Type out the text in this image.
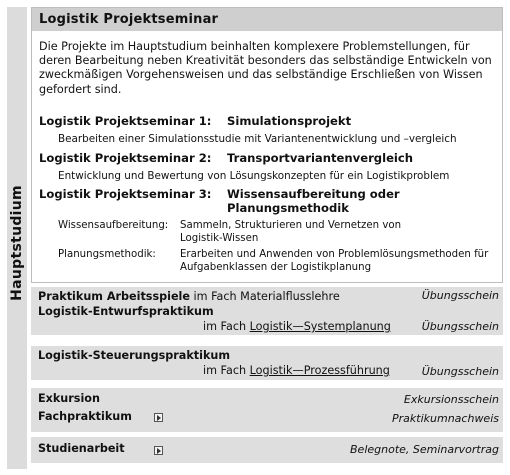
Hauptstudium
Logistik Projektseminar
Die Projekte im Hauptstudium beinhalten komplexere Problemstellungen, für deren Bearbeitung neben Kreativität besonders das selbständige Entwickeln von zweckmäßigen Vorgehensweisen und das selbständige Erschließen von Wissen gefordert sind.
Logistik Projektseminar 1: Simulationsprojekt
Bearbeiten einer Simulationsstudie mit Variantenentwicklung und –vergleich
Logistik Projektseminar 2: Transportvariantenvergleich
Entwicklung und Bewertung von Lösungskonzepten für ein Logistikproblem
Logistik Projektseminar 3: Wissensaufbereitung oder Planungsmethodik
Wissensaufbereitung: Sammeln, Strukturieren und Vernetzen von Logistik-Wissen
Planungsmethodik: Erarbeiten und Anwenden von Problemlösungsmethoden für Aufgabenklassen der Logistikplanung
Praktikum Arbeitsspiele im Fach Materialflusslehre	Übungsschein
Logistik-Entwurfspraktikum
im Fach Logistik—Systemplanung	Übungsschein
Logistik-Steuerungspraktikum
im Fach Logistik—Prozessführung	Übungsschein
Exkursion	Exkursionsschein
Fachpraktikum	Praktikumnachweis
Studienarbeit	Belegnote, Seminarvortrag
